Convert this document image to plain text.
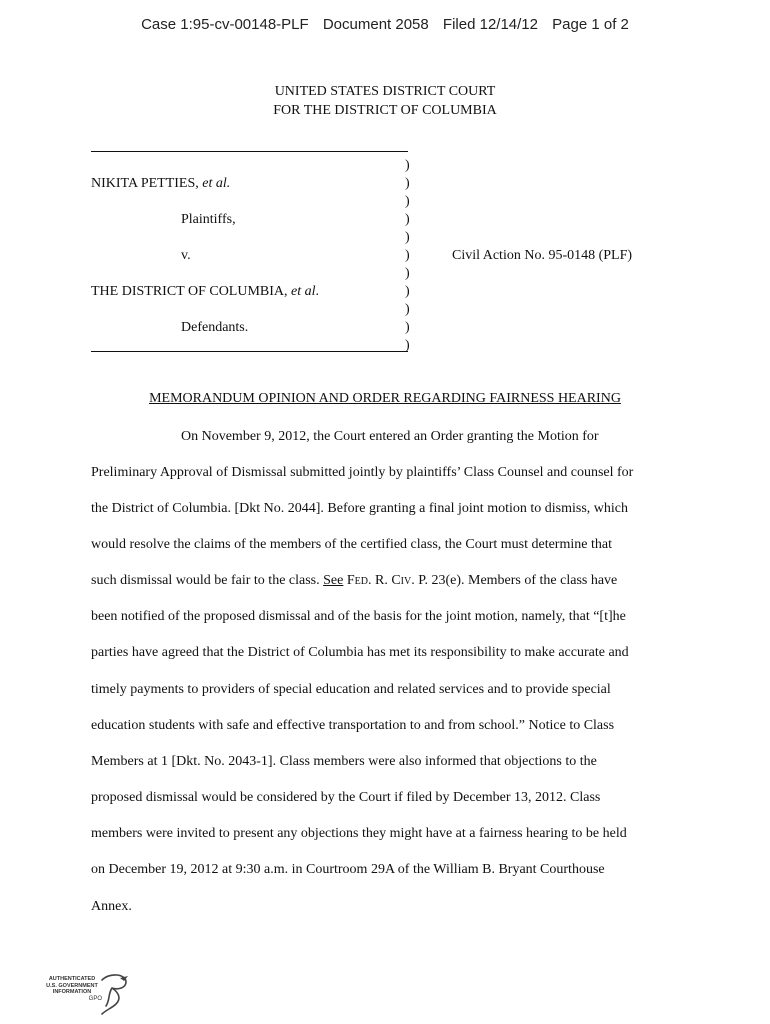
Case 1:95-cv-00148-PLF Document 2058 Filed 12/14/12 Page 1 of 2
UNITED STATES DISTRICT COURT
FOR THE DISTRICT OF COLUMBIA
NIKITA PETTIES, et al.
Plaintiffs,
v.
THE DISTRICT OF COLUMBIA, et al.
Defendants.
Civil Action No. 95-0148 (PLF)
)
)
)
)
)
)
)
)
)
)
)
MEMORANDUM OPINION AND ORDER REGARDING FAIRNESS HEARING
On November 9, 2012, the Court entered an Order granting the Motion for
Preliminary Approval of Dismissal submitted jointly by plaintiffs’ Class Counsel and counsel for
the District of Columbia. [Dkt No. 2044]. Before granting a final joint motion to dismiss, which
would resolve the claims of the members of the certified class, the Court must determine that
such dismissal would be fair to the class. See Fed. R. Civ. P. 23(e). Members of the class have
been notified of the proposed dismissal and of the basis for the joint motion, namely, that “[t]he
parties have agreed that the District of Columbia has met its responsibility to make accurate and
timely payments to providers of special education and related services and to provide special
education students with safe and effective transportation to and from school.” Notice to Class
Members at 1 [Dkt. No. 2043-1]. Class members were also informed that objections to the
proposed dismissal would be considered by the Court if filed by December 13, 2012. Class
members were invited to present any objections they might have at a fairness hearing to be held
on December 19, 2012 at 9:30 a.m. in Courtroom 29A of the William B. Bryant Courthouse
Annex.
AUTHENTICATED
U.S. GOVERNMENT
INFORMATION
GPO
